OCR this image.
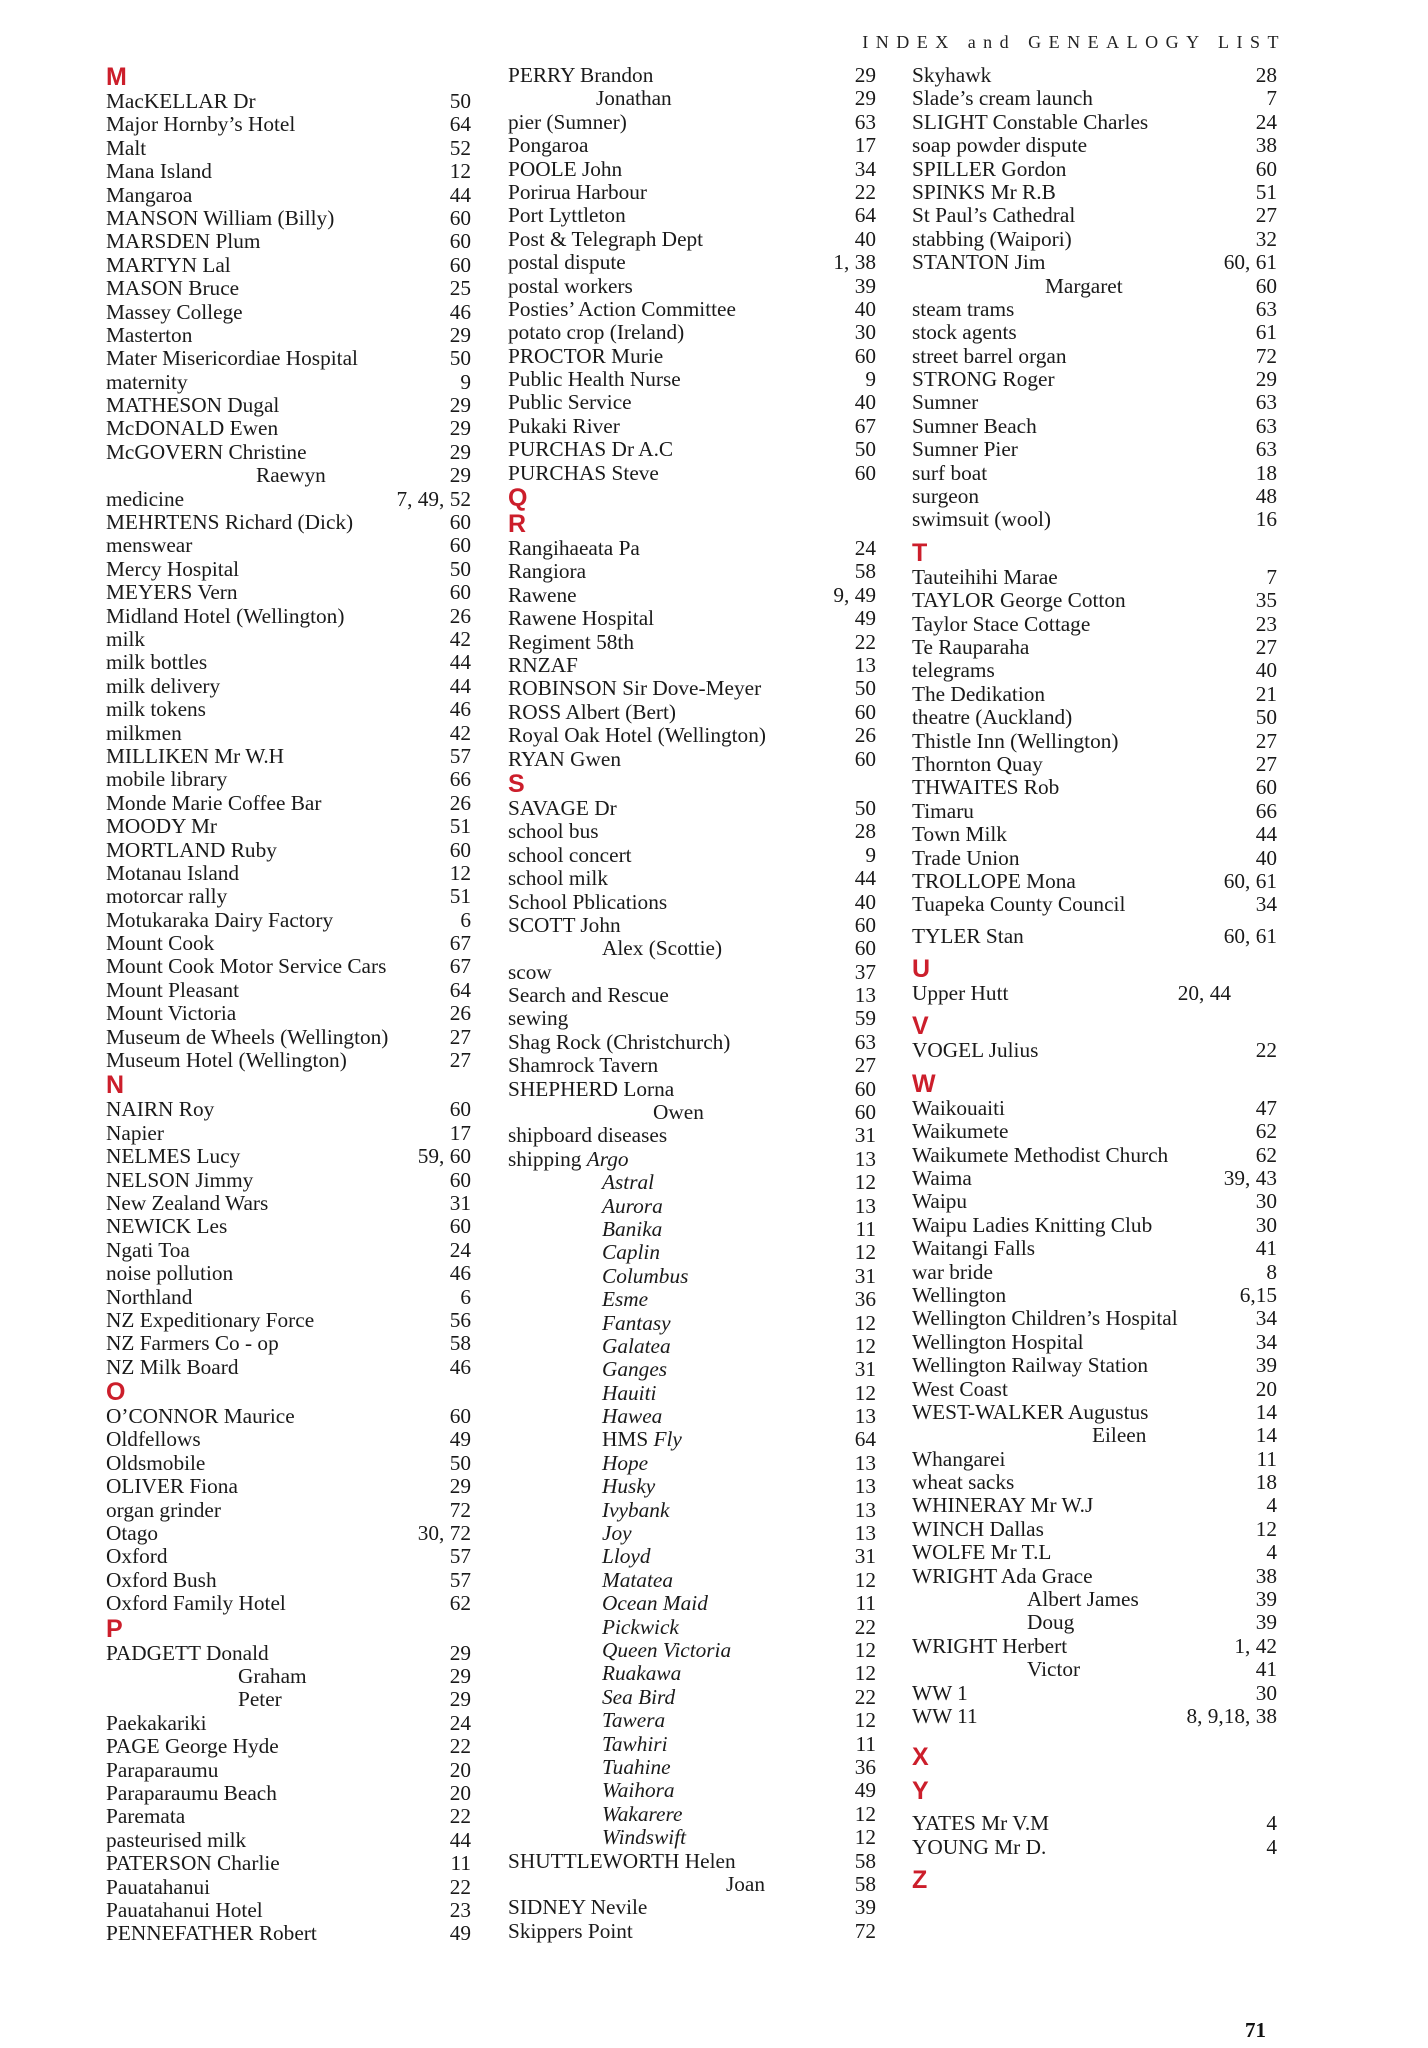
INDEX and GENEALOGY LIST
M
MacKELLAR Dr	50
Major Hornby’s Hotel	64
Malt	52
Mana Island	12
Mangaroa	44
MANSON William (Billy)	60
MARSDEN Plum	60
MARTYN Lal	60
MASON Bruce	25
Massey College	46
Masterton	29
Mater Misericordiae Hospital	50
maternity	9
MATHESON Dugal	29
McDONALD Ewen	29
McGOVERN Christine	29
Raewyn	29
medicine	7, 49, 52
MEHRTENS Richard (Dick)	60
menswear	60
Mercy Hospital	50
MEYERS Vern	60
Midland Hotel (Wellington)	26
milk	42
milk bottles	44
milk delivery	44
milk tokens	46
milkmen	42
MILLIKEN Mr W.H	57
mobile library	66
Monde Marie Coffee Bar	26
MOODY Mr	51
MORTLAND Ruby	60
Motanau Island	12
motorcar rally	51
Motukaraka Dairy Factory	6
Mount Cook	67
Mount Cook Motor Service Cars	67
Mount Pleasant	64
Mount Victoria	26
Museum de Wheels (Wellington)	27
Museum Hotel (Wellington)	27
N
NAIRN Roy	60
Napier	17
NELMES Lucy	59, 60
NELSON Jimmy	60
New Zealand Wars	31
NEWICK Les	60
Ngati Toa	24
noise pollution	46
Northland	6
NZ Expeditionary Force	56
NZ Farmers Co - op	58
NZ Milk Board	46
O
O’CONNOR Maurice	60
Oldfellows	49
Oldsmobile	50
OLIVER Fiona	29
organ grinder	72
Otago	30, 72
Oxford	57
Oxford Bush	57
Oxford Family Hotel	62
P
PADGETT Donald	29
Graham	29
Peter	29
Paekakariki	24
PAGE George Hyde	22
Paraparaumu	20
Paraparaumu Beach	20
Paremata	22
pasteurised milk	44
PATERSON Charlie	11
Pauatahanui	22
Pauatahanui Hotel	23
PENNEFATHER Robert	49
PERRY Brandon	29
Jonathan	29
pier (Sumner)	63
Pongaroa	17
POOLE John	34
Porirua Harbour	22
Port Lyttleton	64
Post & Telegraph Dept	40
postal dispute	1, 38
postal workers	39
Posties’ Action Committee	40
potato crop (Ireland)	30
PROCTOR Murie	60
Public Health Nurse	9
Public Service	40
Pukaki River	67
PURCHAS Dr A.C	50
PURCHAS Steve	60
Q
R
Rangihaeata Pa	24
Rangiora	58
Rawene	9, 49
Rawene Hospital	49
Regiment 58th	22
RNZAF	13
ROBINSON Sir Dove-Meyer	50
ROSS Albert (Bert)	60
Royal Oak Hotel (Wellington)	26
RYAN Gwen	60
S
SAVAGE Dr	50
school bus	28
school concert	9
school milk	44
School Pblications	40
SCOTT John	60
Alex (Scottie)	60
scow	37
Search and Rescue	13
sewing	59
Shag Rock (Christchurch)	63
Shamrock Tavern	27
SHEPHERD Lorna	60
Owen	60
shipboard diseases	31
shipping Argo	13
Astral	12
Aurora	13
Banika	11
Caplin	12
Columbus	31
Esme	36
Fantasy	12
Galatea	12
Ganges	31
Hauiti	12
Hawea	13
HMS Fly	64
Hope	13
Husky	13
Ivybank	13
Joy	13
Lloyd	31
Matatea	12
Ocean Maid	11
Pickwick	22
Queen Victoria	12
Ruakawa	12
Sea Bird	22
Tawera	12
Tawhiri	11
Tuahine	36
Waihora	49
Wakarere	12
Windswift	12
SHUTTLEWORTH Helen	58
Joan	58
SIDNEY Nevile	39
Skippers Point	72
Skyhawk	28
Slade’s cream launch	7
SLIGHT Constable Charles	24
soap powder dispute	38
SPILLER Gordon	60
SPINKS Mr R.B	51
St Paul’s Cathedral	27
stabbing (Waipori)	32
STANTON Jim	60, 61
Margaret	60
steam trams	63
stock agents	61
street barrel organ	72
STRONG Roger	29
Sumner	63
Sumner Beach	63
Sumner Pier	63
surf boat	18
surgeon	48
swimsuit (wool)	16
T
Tauteihihi Marae	7
TAYLOR George Cotton	35
Taylor Stace Cottage	23
Te Rauparaha	27
telegrams	40
The Dedikation	21
theatre (Auckland)	50
Thistle Inn (Wellington)	27
Thornton Quay	27
THWAITES Rob	60
Timaru	66
Town Milk	44
Trade Union	40
TROLLOPE Mona	60, 61
Tuapeka County Council	34
TYLER Stan	60, 61
U
Upper Hutt	20, 44
V
VOGEL Julius	22
W
Waikouaiti	47
Waikumete	62
Waikumete Methodist Church	62
Waima	39, 43
Waipu	30
Waipu Ladies Knitting Club	30
Waitangi Falls	41
war bride	8
Wellington	6,15
Wellington Children’s Hospital	34
Wellington Hospital	34
Wellington Railway Station	39
West Coast	20
WEST-WALKER Augustus	14
Eileen	14
Whangarei	11
wheat sacks	18
WHINERAY Mr W.J	4
WINCH Dallas	12
WOLFE Mr T.L	4
WRIGHT Ada Grace	38
Albert James	39
Doug	39
WRIGHT Herbert	1, 42
Victor	41
WW 1	30
WW 11	8, 9,18, 38
X
Y
YATES Mr V.M	4
YOUNG Mr D.	4
Z
71
